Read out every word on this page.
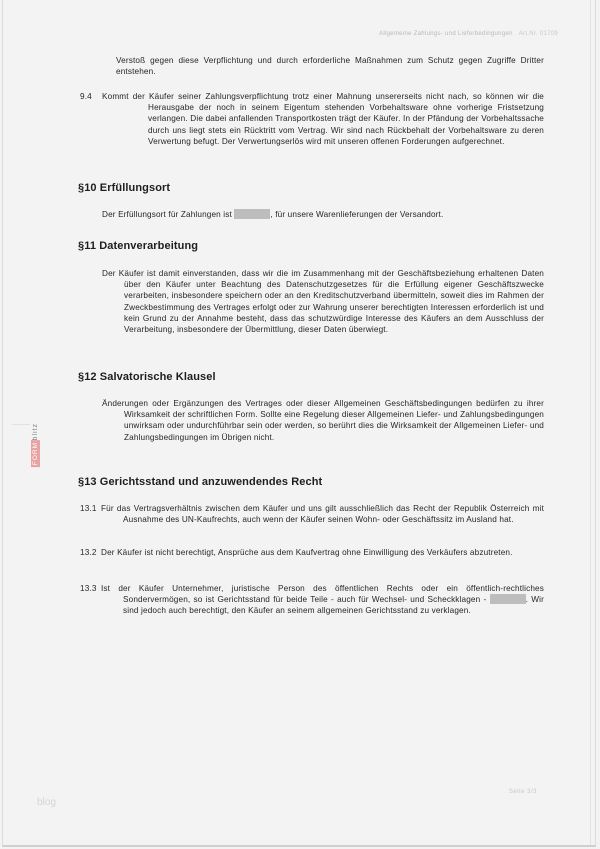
Allgemeine Zahlungs- und Lieferbedingungen Art.Nr. 01709
Verstoß gegen diese Verpflichtung und durch erforderliche Maßnahmen zum Schutz gegen Zugriffe Dritter entstehen.
9.4 Kommt der Käufer seiner Zahlungsverpflichtung trotz einer Mahnung unsererseits nicht nach, so können wir die Herausgabe der noch in seinem Eigentum stehenden Vorbehaltsware ohne vorherige Fristsetzung verlangen. Die dabei anfallenden Transportkosten trägt der Käufer. In der Pfändung der Vorbehaltssache durch uns liegt stets ein Rücktritt vom Vertrag. Wir sind nach Rückbehalt der Vorbehaltsware zu deren Verwertung befugt. Der Verwertungserlös wird mit unseren offenen Forderungen aufgerechnet.
§10 Erfüllungsort
Der Erfüllungsort für Zahlungen ist	, für unsere Warenlieferungen der Versandort.
§11 Datenverarbeitung
Der Käufer ist damit einverstanden, dass wir die im Zusammenhang mit der Geschäftsbeziehung erhaltenen Daten über den Käufer unter Beachtung des Datenschutzgesetzes für die Erfüllung eigener Geschäftszwecke verarbeiten, insbesondere speichern oder an den Kreditschutzverband übermitteln, soweit dies im Rahmen der Zweckbestimmung des Vertrages erfolgt oder zur Wahrung unserer berechtigten Interessen erforderlich ist und kein Grund zu der Annahme besteht, dass das schutzwürdige Interesse des Käufers an dem Ausschluss der Verarbeitung, insbesondere der Übermittlung, dieser Daten überwiegt.
§12 Salvatorische Klausel
Änderungen oder Ergänzungen des Vertrages oder dieser Allgemeinen Geschäftsbedingungen bedürfen zu ihrer Wirksamkeit der schriftlichen Form. Sollte eine Regelung dieser Allgemeinen Liefer- und Zahlungsbedingungen unwirksam oder undurchführbar sein oder werden, so berührt dies die Wirksamkeit der Allgemeinen Liefer- und Zahlungsbedingungen im Übrigen nicht.
§13 Gerichtsstand und anzuwendendes Recht
13.1 Für das Vertragsverhältnis zwischen dem Käufer und uns gilt ausschließlich das Recht der Republik Österreich mit Ausnahme des UN-Kaufrechts, auch wenn der Käufer seinen Wohn- oder Geschäftssitz im Ausland hat.
13.2 Der Käufer ist nicht berechtigt, Ansprüche aus dem Kaufvertrag ohne Einwilligung des Verkäufers abzutreten.
13.3 Ist der Käufer Unternehmer, juristische Person des öffentlichen Rechts oder ein öffentlich-rechtliches Sondervermögen, so ist Gerichtsstand für beide Teile - auch für Wechsel- und Scheckklagen -	. Wir sind jedoch auch berechtigt, den Käufer an seinem allgemeinen Gerichtsstand zu verklagen.
blitz
FORM
Seite 3/3
blog
